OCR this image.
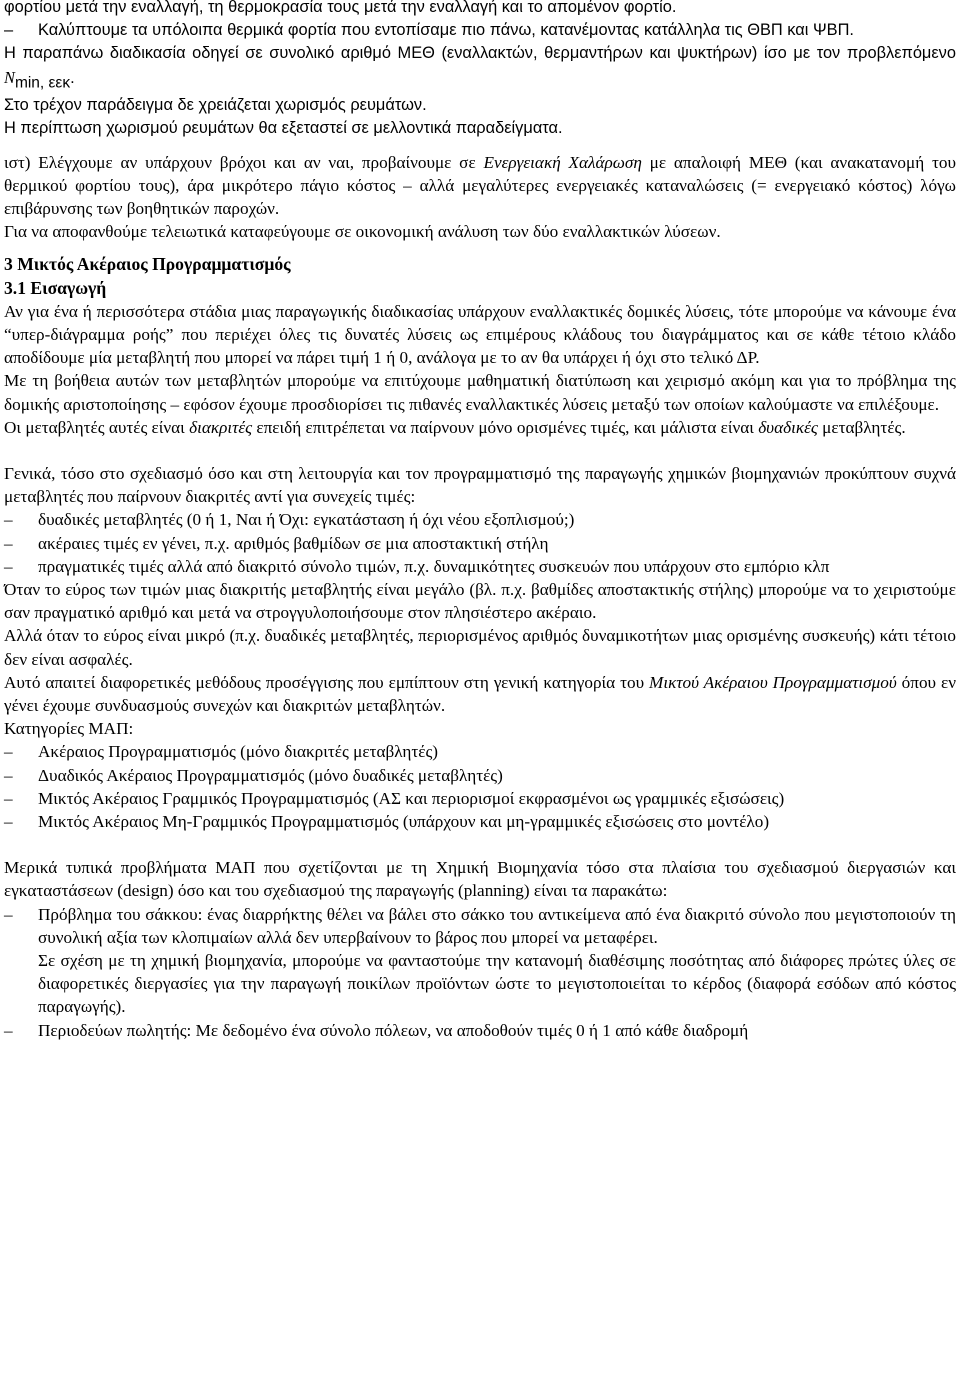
φορτίου μετά την εναλλαγή, τη θερμοκρασία τους μετά την εναλλαγή και το απομένον φορτίο.

–	Καλύπτουμε τα υπόλοιπα θερμικά φορτία που εντοπίσαμε πιο πάνω, κατανέμοντας κατάλληλα τις ΘΒΠ και ΨΒΠ.

Η παραπάνω διαδικασία οδηγεί σε συνολικό αριθμό ΜΕΘ (εναλλακτών, θερμαντήρων και ψυκτήρων) ίσο με τον προβλεπόμενο $N_{min, \varepsilon\varepsilon\kappa}$.

Στο τρέχον παράδειγμα δε χρειάζεται χωρισμός ρευμάτων.

Η περίπτωση χωρισμού ρευμάτων θα εξεταστεί σε μελλοντικά παραδείγματα.

ιστ) Ελέγχουμε αν υπάρχουν βρόχοι και αν ναι, προβαίνουμε σε Ενεργειακή Χαλάρωση με απαλοιφή ΜΕΘ (και ανακατανομή του θερμικού φορτίου τους), άρα μικρότερο πάγιο κόστος – αλλά μεγαλύτερες ενεργειακές καταναλώσεις (= ενεργειακό κόστος) λόγω επιβάρυνσης των βοηθητικών παροχών.

Για να αποφανθούμε τελειωτικά καταφεύγουμε σε οικονομική ανάλυση των δύο εναλλακτικών λύσεων.

3 Μικτός Ακέραιος Προγραμματισμός
3.1 Εισαγωγή

Αν για ένα ή περισσότερα στάδια μιας παραγωγικής διαδικασίας υπάρχουν εναλλακτικές δομικές λύσεις, τότε μπορούμε να κάνουμε ένα “υπερ-διάγραμμα ροής” που περιέχει όλες τις δυνατές λύσεις ως επιμέρους κλάδους του διαγράμματος και σε κάθε τέτοιο κλάδο αποδίδουμε μία μεταβλητή που μπορεί να πάρει τιμή 1 ή 0, ανάλογα με το αν θα υπάρχει ή όχι στο τελικό ΔΡ.

Με τη βοήθεια αυτών των μεταβλητών μπορούμε να επιτύχουμε μαθηματική διατύπωση και χειρισμό ακόμη και για το πρόβλημα της δομικής αριστοποίησης – εφόσον έχουμε προσδιορίσει τις πιθανές εναλλακτικές λύσεις μεταξύ των οποίων καλούμαστε να επιλέξουμε.

Οι μεταβλητές αυτές είναι διακριτές επειδή επιτρέπεται να παίρνουν μόνο ορισμένες τιμές, και μάλιστα είναι δυαδικές μεταβλητές.

Γενικά, τόσο στο σχεδιασμό όσο και στη λειτουργία και τον προγραμματισμό της παραγωγής χημικών βιομηχανιών προκύπτουν συχνά μεταβλητές που παίρνουν διακριτές αντί για συνεχείς τιμές:

–	δυαδικές μεταβλητές (0 ή 1, Ναι ή Όχι: εγκατάσταση ή όχι νέου εξοπλισμού;)
–	ακέραιες τιμές εν γένει, π.χ. αριθμός βαθμίδων σε μια αποστακτική στήλη
–	πραγματικές τιμές αλλά από διακριτό σύνολο τιμών, π.χ. δυναμικότητες συσκευών που υπάρχουν στο εμπόριο κλπ

Όταν το εύρος των τιμών μιας διακριτής μεταβλητής είναι μεγάλο (βλ. π.χ. βαθμίδες αποστακτικής στήλης) μπορούμε να το χειριστούμε σαν πραγματικό αριθμό και μετά να στρογγυλοποιήσουμε στον πλησιέστερο ακέραιο.

Αλλά όταν το εύρος είναι μικρό (π.χ. δυαδικές μεταβλητές, περιορισμένος αριθμός δυναμικοτήτων μιας ορισμένης συσκευής) κάτι τέτοιο δεν είναι ασφαλές.

Αυτό απαιτεί διαφορετικές μεθόδους προσέγγισης που εμπίπτουν στη γενική κατηγορία του Μικτού Ακέραιου Προγραμματισμού όπου εν γένει έχουμε συνδυασμούς συνεχών και διακριτών μεταβλητών.

Κατηγορίες ΜΑΠ:

–	Ακέραιος Προγραμματισμός (μόνο διακριτές μεταβλητές)
–	Δυαδικός Ακέραιος Προγραμματισμός (μόνο δυαδικές μεταβλητές)
–	Μικτός Ακέραιος Γραμμικός Προγραμματισμός (ΑΣ και περιορισμοί εκφρασμένοι ως γραμμικές εξισώσεις)
–	Μικτός Ακέραιος Μη-Γραμμικός Προγραμματισμός (υπάρχουν και μη-γραμμικές εξισώσεις στο μοντέλο)

Μερικά τυπικά προβλήματα ΜΑΠ που σχετίζονται με τη Χημική Βιομηχανία τόσο στα πλαίσια του σχεδιασμού διεργασιών και εγκαταστάσεων (design) όσο και του σχεδιασμού της παραγωγής (planning) είναι τα παρακάτω:

–	Πρόβλημα του σάκκου: ένας διαρρήκτης θέλει να βάλει στο σάκκο του αντικείμενα από ένα διακριτό σύνολο που μεγιστοποιούν τη συνολική αξία των κλοπιμαίων αλλά δεν υπερβαίνουν το βάρος που μπορεί να μεταφέρει.

Σε σχέση με τη χημική βιομηχανία, μπορούμε να φανταστούμε την κατανομή διαθέσιμης ποσότητας από διάφορες πρώτες ύλες σε διαφορετικές διεργασίες για την παραγωγή ποικίλων προϊόντων ώστε το μεγιστοποιείται το κέρδος (διαφορά εσόδων από κόστος παραγωγής).

–	Περιοδεύων πωλητής: Με δεδομένο ένα σύνολο πόλεων, να αποδοθούν τιμές 0 ή 1 από κάθε διαδρομή
